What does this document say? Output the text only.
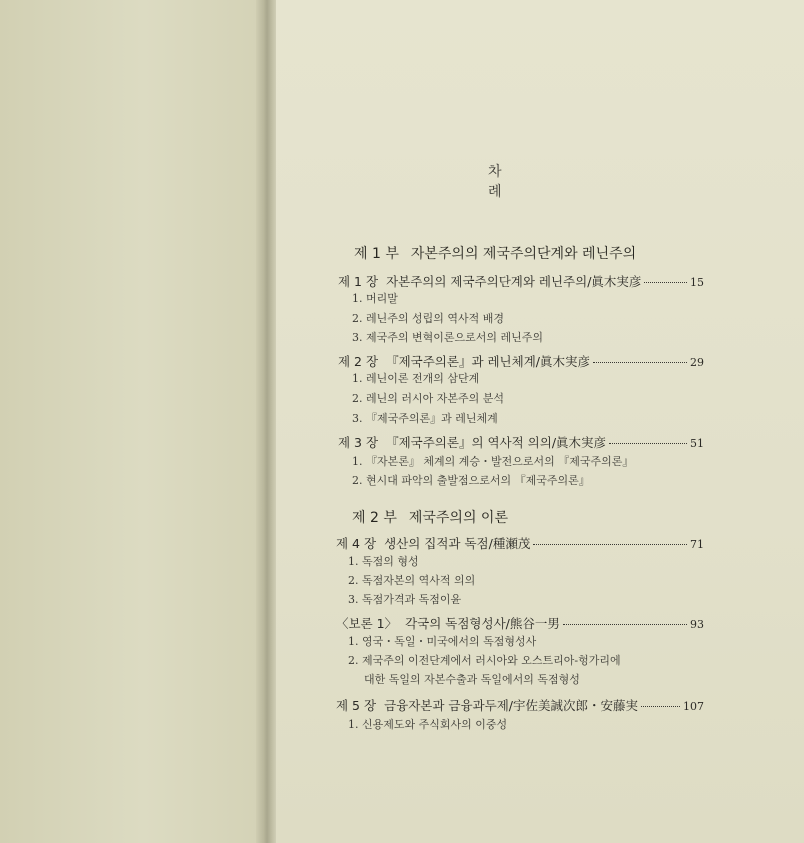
차 례
제 1 부 자본주의의 제국주의단계와 레닌주의
제 1 장 자본주의의 제국주의단계와 레닌주의/眞木実彦	15
1. 머리말
2. 레닌주의 성립의 역사적 배경
3. 제국주의 변혁이론으로서의 레닌주의
제 2 장 『제국주의론』과 레닌체계/眞木実彦	29
1. 레닌이론 전개의 삼단계
2. 레닌의 러시아 자본주의 분석
3. 『제국주의론』과 레닌체계
제 3 장 『제국주의론』의 역사적 의의/眞木実彦	51
1. 『자본론』 체계의 계승・발전으로서의 『제국주의론』
2. 현시대 파악의 출발점으로서의 『제국주의론』
제 2 부 제국주의의 이론
제 4 장 생산의 집적과 독점/種瀬茂	71
1. 독점의 형성
2. 독점자본의 역사적 의의
3. 독점가격과 독점이윤
〈보론 1〉 각국의 독점형성사/熊谷一男	93
1. 영국・독일・미국에서의 독점형성사
2. 제국주의 이전단계에서 러시아와 오스트리아-헝가리에
대한 독일의 자본수출과 독일에서의 독점형성
제 5 장 금융자본과 금융과두제/宇佐美誠次郎・安藤実	107
1. 신용제도와 주식회사의 이중성
